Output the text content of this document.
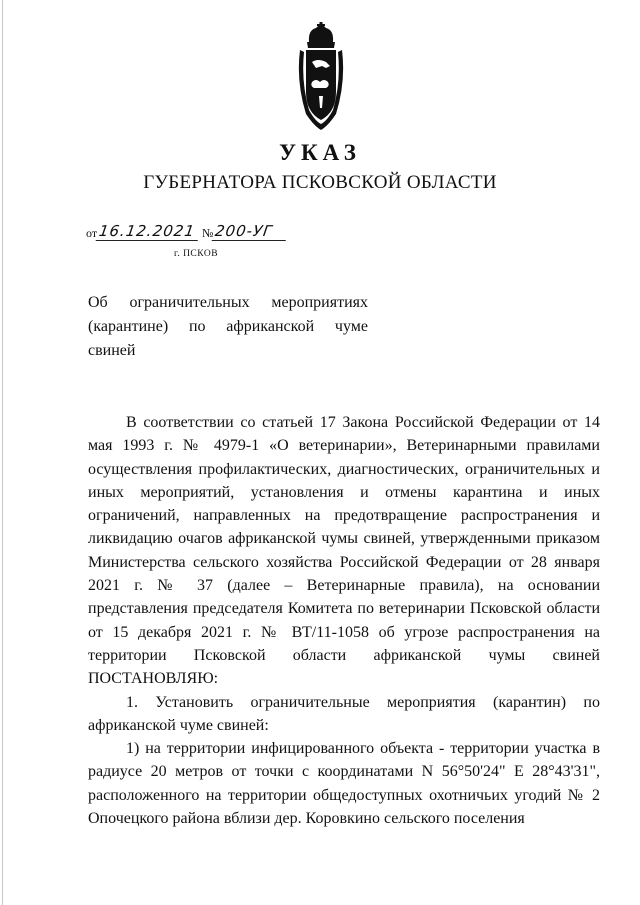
УКАЗ
ГУБЕРНАТОРА ПСКОВСКОЙ ОБЛАСТИ
от16.12.2021 №200-УГ
г. ПСКОВ
Об ограничительных мероприятиях
(карантине) по африканской чуме
свиней

В соответствии со статьей 17 Закона Российской Федерации от 14 мая 1993 г. № 4979-1 «О ветеринарии», Ветеринарными правилами осуществления профилактических, диагностических, ограничительных и иных мероприятий, установления и отмены карантина и иных ограничений, направленных на предотвращение распространения и ликвидацию очагов африканской чумы свиней, утвержденными приказом Министерства сельского хозяйства Российской Федерации от 28 января 2021 г. № 37 (далее – Ветеринарные правила), на основании представления председателя Комитета по ветеринарии Псковской области от 15 декабря 2021 г. № ВТ/11-1058 об угрозе распространения на территории Псковской области африканской чумы свиней

ПОСТАНОВЛЯЮ:

1. Установить ограничительные мероприятия (карантин) по африканской чуме свиней:

1) на территории инфицированного объекта - территории участка в радиусе 20 метров от точки с координатами N 56°50'24" E 28°43'31", расположенного на территории общедоступных охотничьих угодий № 2 Опочецкого района вблизи дер. Коровкино сельского поселения
